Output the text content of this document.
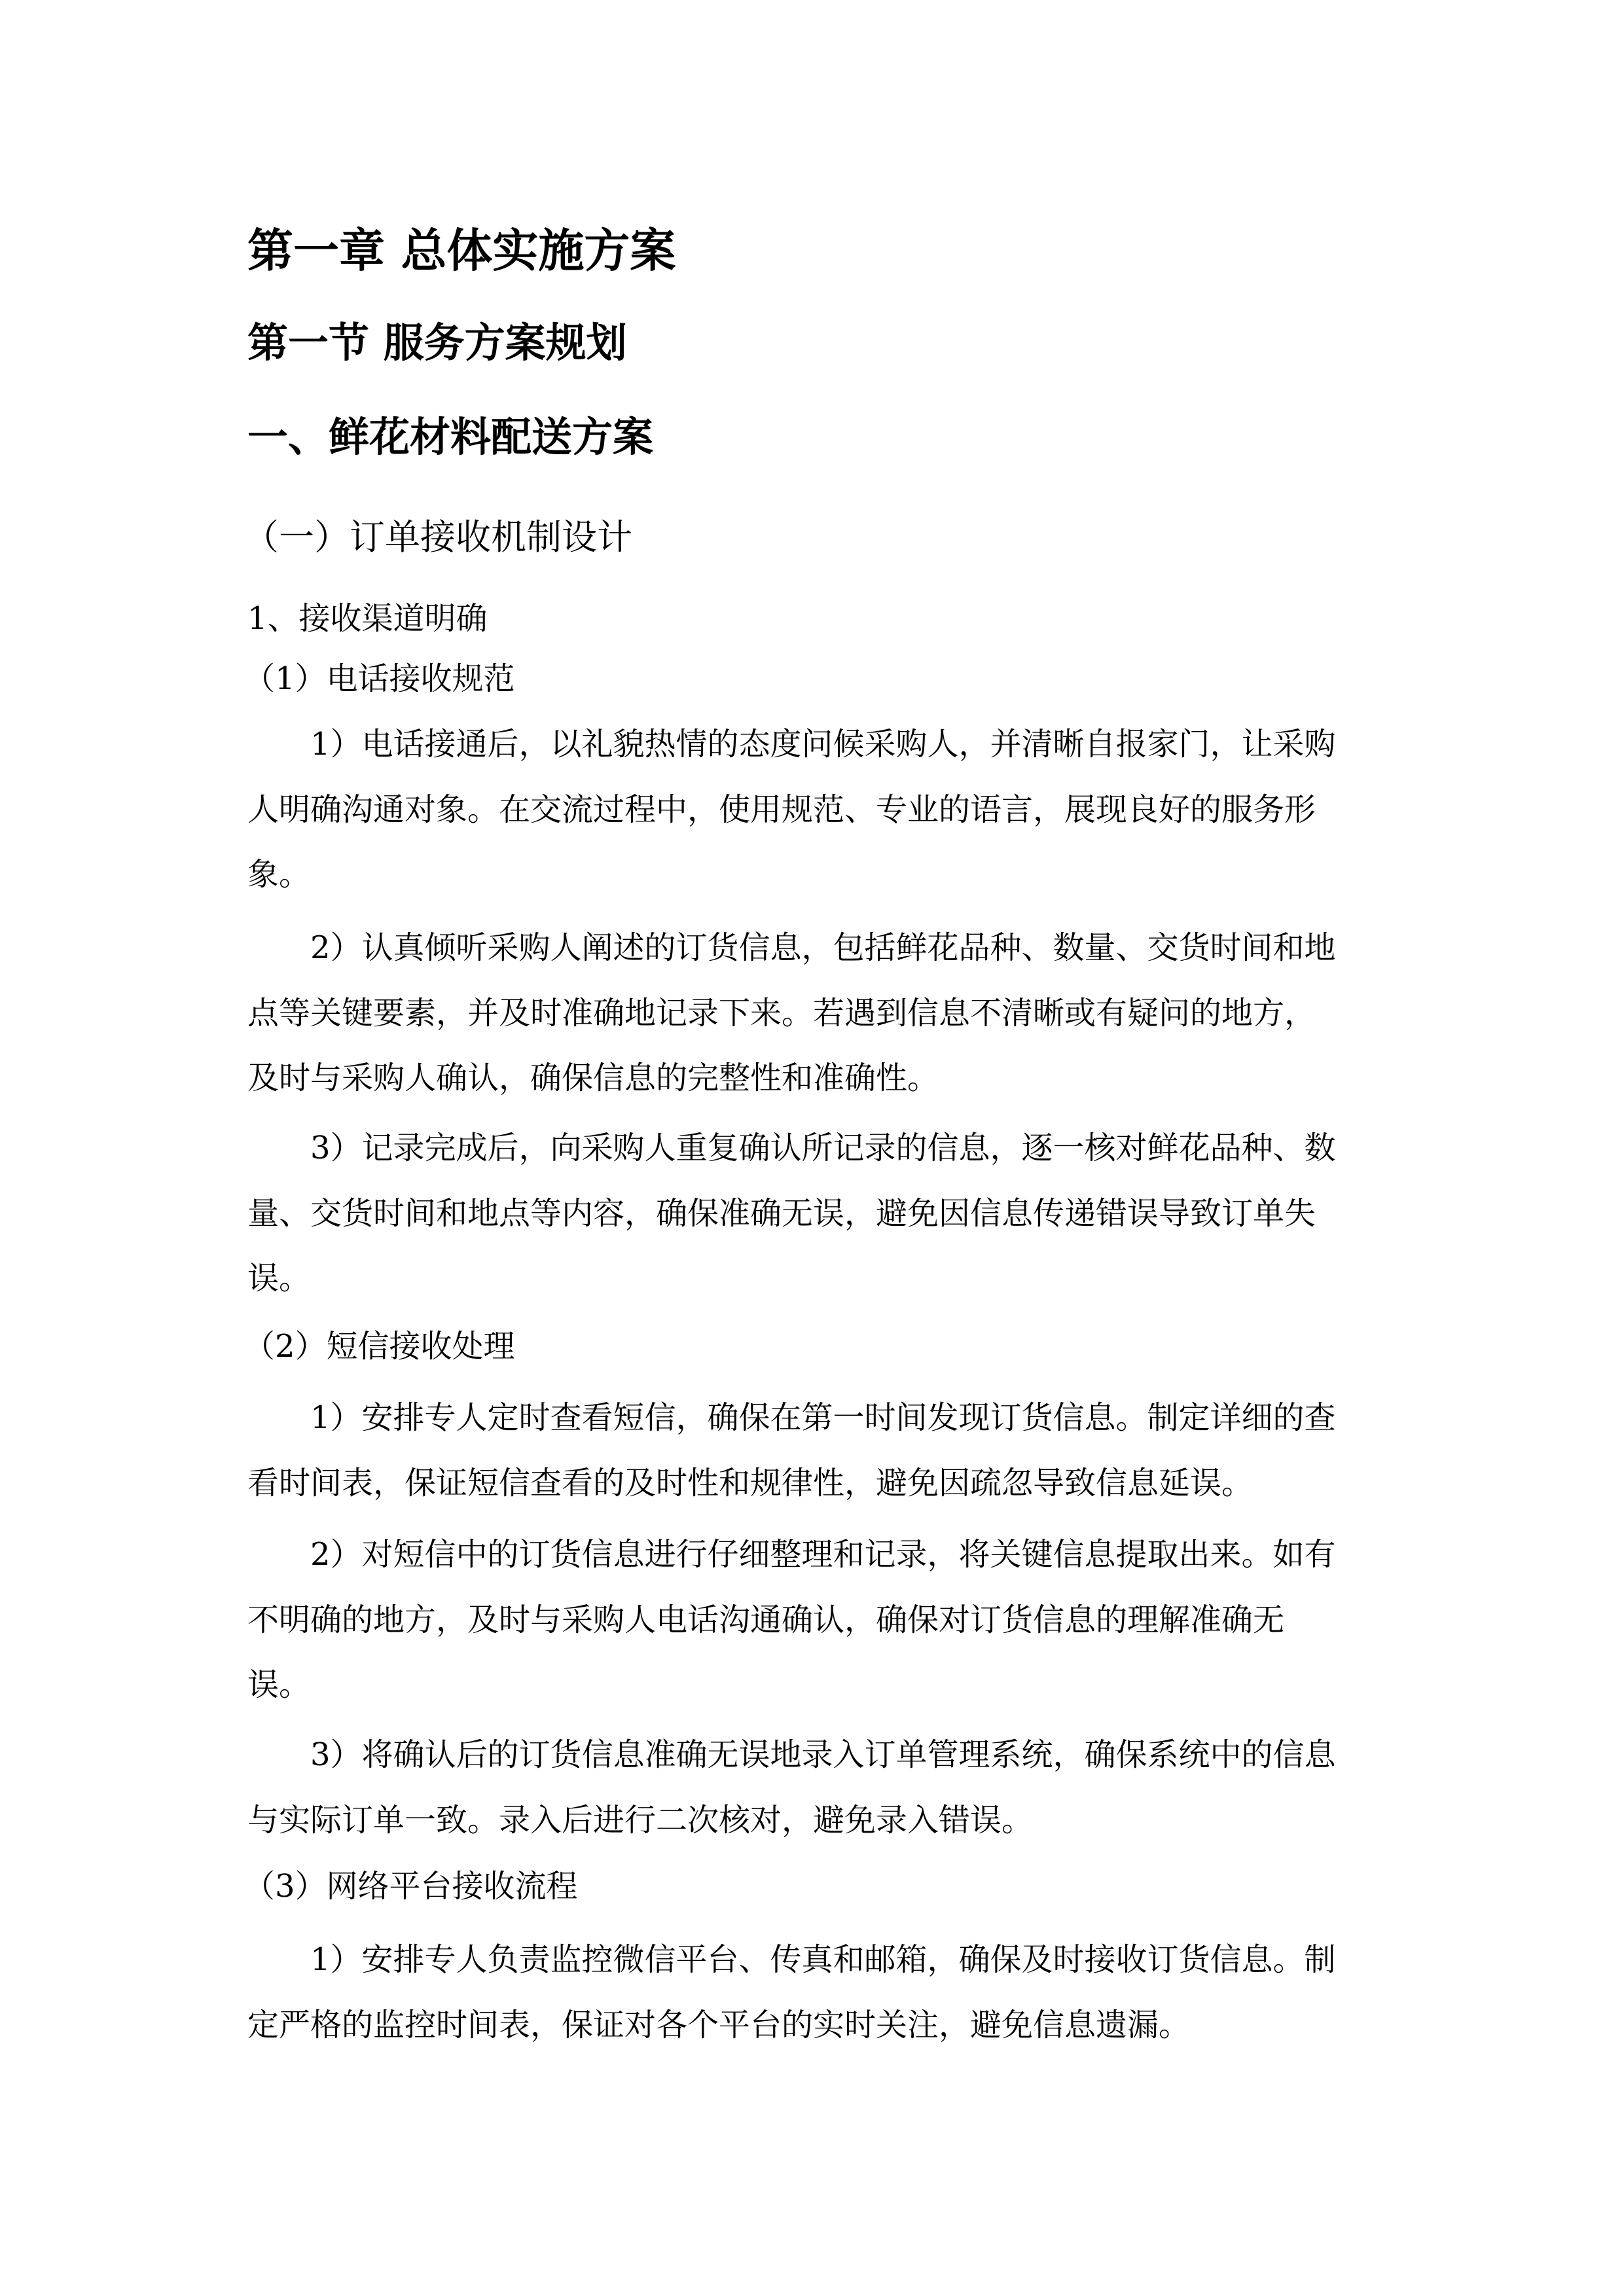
第一章 总体实施方案
第一节 服务方案规划
一、鲜花材料配送方案
（一）订单接收机制设计
1、接收渠道明确
（1）电话接收规范
1）电话接通后，以礼貌热情的态度问候采购人，并清晰自报家门，让采购
人明确沟通对象。在交流过程中，使用规范、专业的语言，展现良好的服务形
象。
2）认真倾听采购人阐述的订货信息，包括鲜花品种、数量、交货时间和地
点等关键要素，并及时准确地记录下来。若遇到信息不清晰或有疑问的地方，
及时与采购人确认，确保信息的完整性和准确性。
3）记录完成后，向采购人重复确认所记录的信息，逐一核对鲜花品种、数
量、交货时间和地点等内容，确保准确无误，避免因信息传递错误导致订单失
误。
（2）短信接收处理
1）安排专人定时查看短信，确保在第一时间发现订货信息。制定详细的查
看时间表，保证短信查看的及时性和规律性，避免因疏忽导致信息延误。
2）对短信中的订货信息进行仔细整理和记录，将关键信息提取出来。如有
不明确的地方，及时与采购人电话沟通确认，确保对订货信息的理解准确无
误。
3）将确认后的订货信息准确无误地录入订单管理系统，确保系统中的信息
与实际订单一致。录入后进行二次核对，避免录入错误。
（3）网络平台接收流程
1）安排专人负责监控微信平台、传真和邮箱，确保及时接收订货信息。制
定严格的监控时间表，保证对各个平台的实时关注，避免信息遗漏。
